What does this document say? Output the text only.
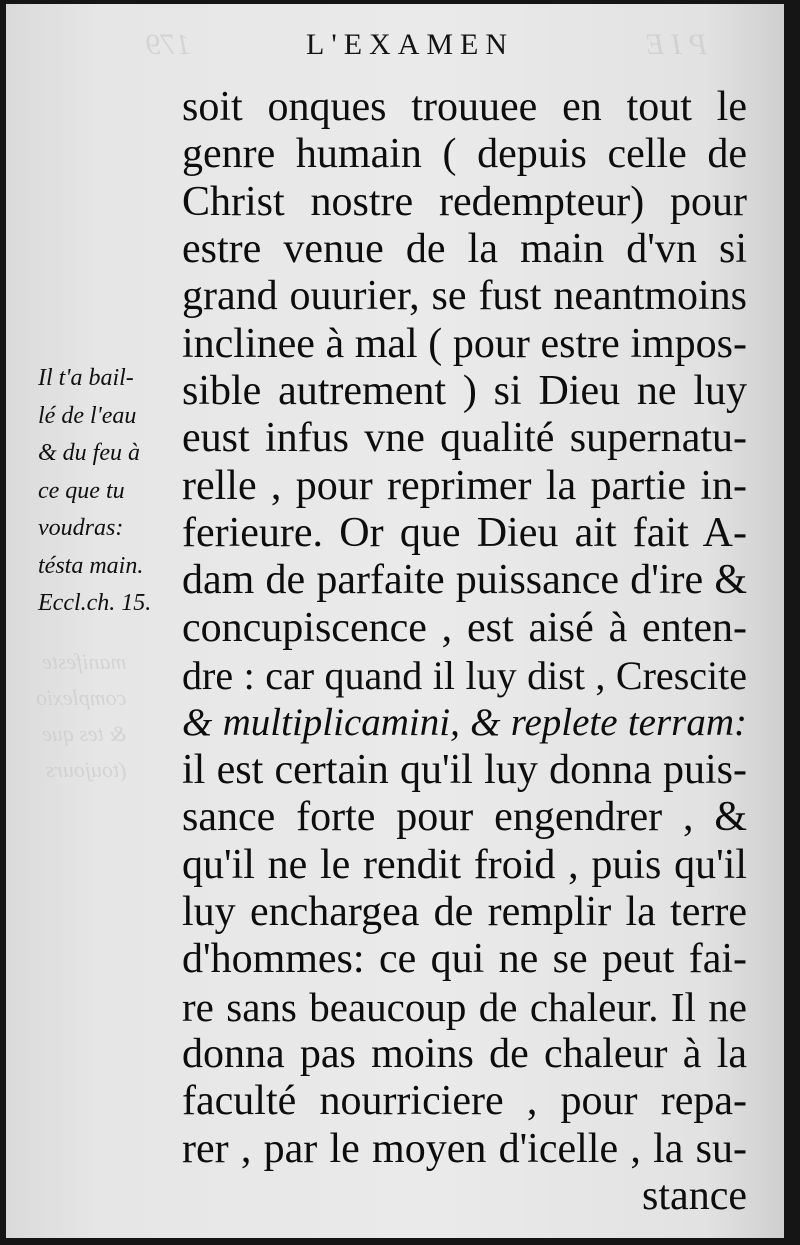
179	P I E
manifeste
complexio
& tes que
(toujours
L'EXAMEN
Il t'a bail-
lé de l'eau
& du feu à
ce que tu
voudras:
tésta main.
Eccl.ch. 15.
soit onques trouuee en tout le
genre humain ( depuis celle de
Christ nostre redempteur) pour
estre venue de la main d'vn si
grand ouurier, se fust neantmoins
inclinee à mal ( pour estre impos-
sible autrement ) si Dieu ne luy
eust infus vne qualité supernatu-
relle , pour reprimer la partie in-
ferieure. Or que Dieu ait fait A-
dam de parfaite puissance d'ire &
concupiscence , est aisé à enten-
dre : car quand il luy dist , Crescite
& multiplicamini, & replete terram:
il est certain qu'il luy donna puis-
sance forte pour engendrer , &
qu'il ne le rendit froid , puis qu'il
luy enchargea de remplir la terre
d'hommes: ce qui ne se peut fai-
re sans beaucoup de chaleur. Il ne
donna pas moins de chaleur à la
faculté nourriciere , pour repa-
rer , par le moyen d'icelle , la su-
stance
